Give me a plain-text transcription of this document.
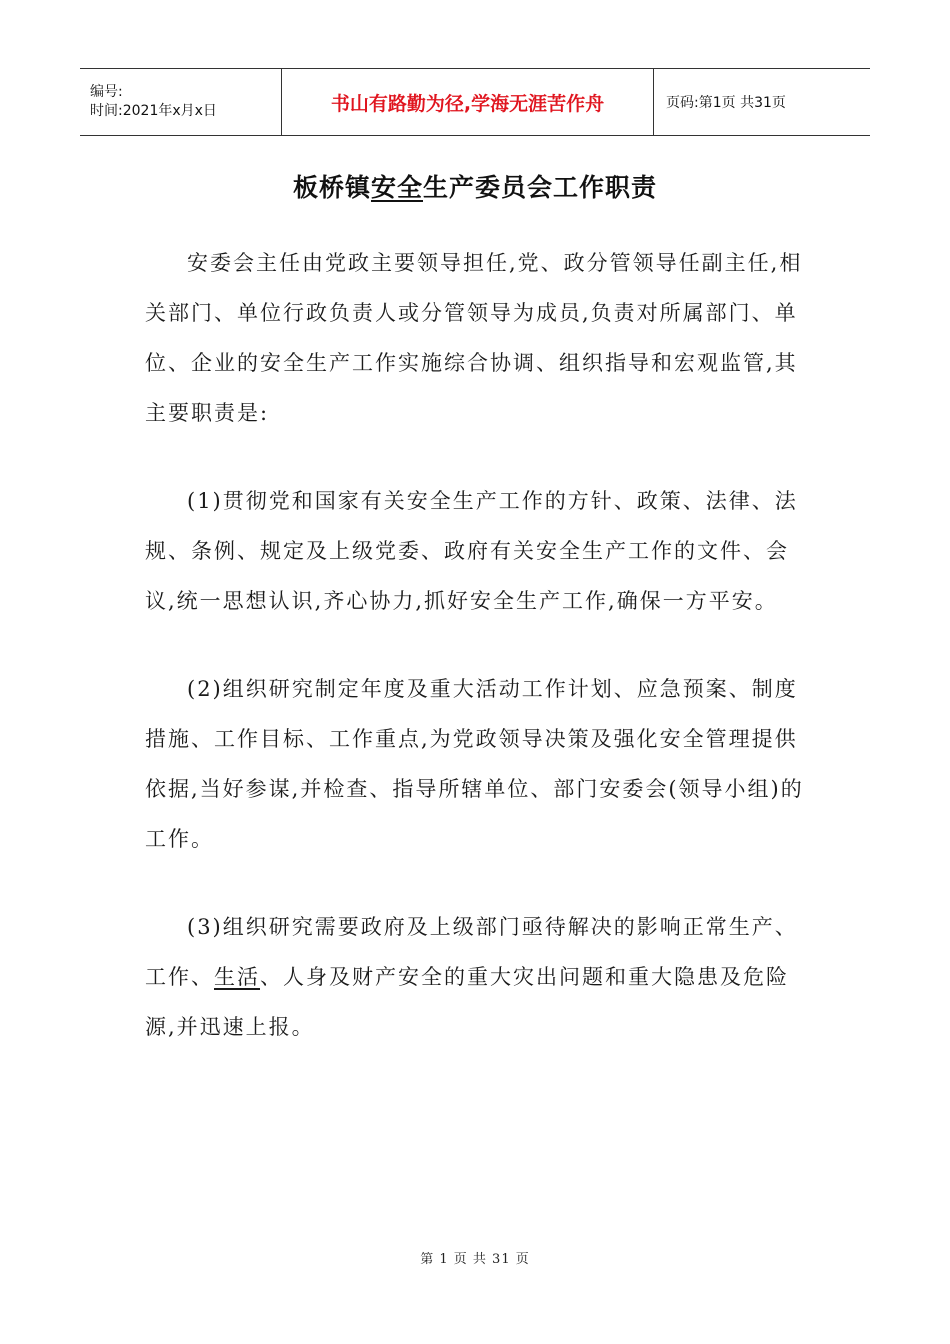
编号:
时间:2021年x月x日	书山有路勤为径,学海无涯苦作舟	页码:第1页 共31页
板桥镇安全生产委员会工作职责

安委会主任由党政主要领导担任,党、政分管领导任副主任,相关部门、单位行政负责人或分管领导为成员,负责对所属部门、单位、企业的安全生产工作实施综合协调、组织指导和宏观监管,其主要职责是:

(1)贯彻党和国家有关安全生产工作的方针、政策、法律、法规、条例、规定及上级党委、政府有关安全生产工作的文件、会议,统一思想认识,齐心协力,抓好安全生产工作,确保一方平安。

(2)组织研究制定年度及重大活动工作计划、应急预案、制度措施、工作目标、工作重点,为党政领导决策及强化安全管理提供依据,当好参谋,并检查、指导所辖单位、部门安委会(领导小组)的工作。

(3)组织研究需要政府及上级部门亟待解决的影响正常生产、工作、生活、人身及财产安全的重大灾出问题和重大隐患及危险源,并迅速上报。

第 1 页 共 31 页
